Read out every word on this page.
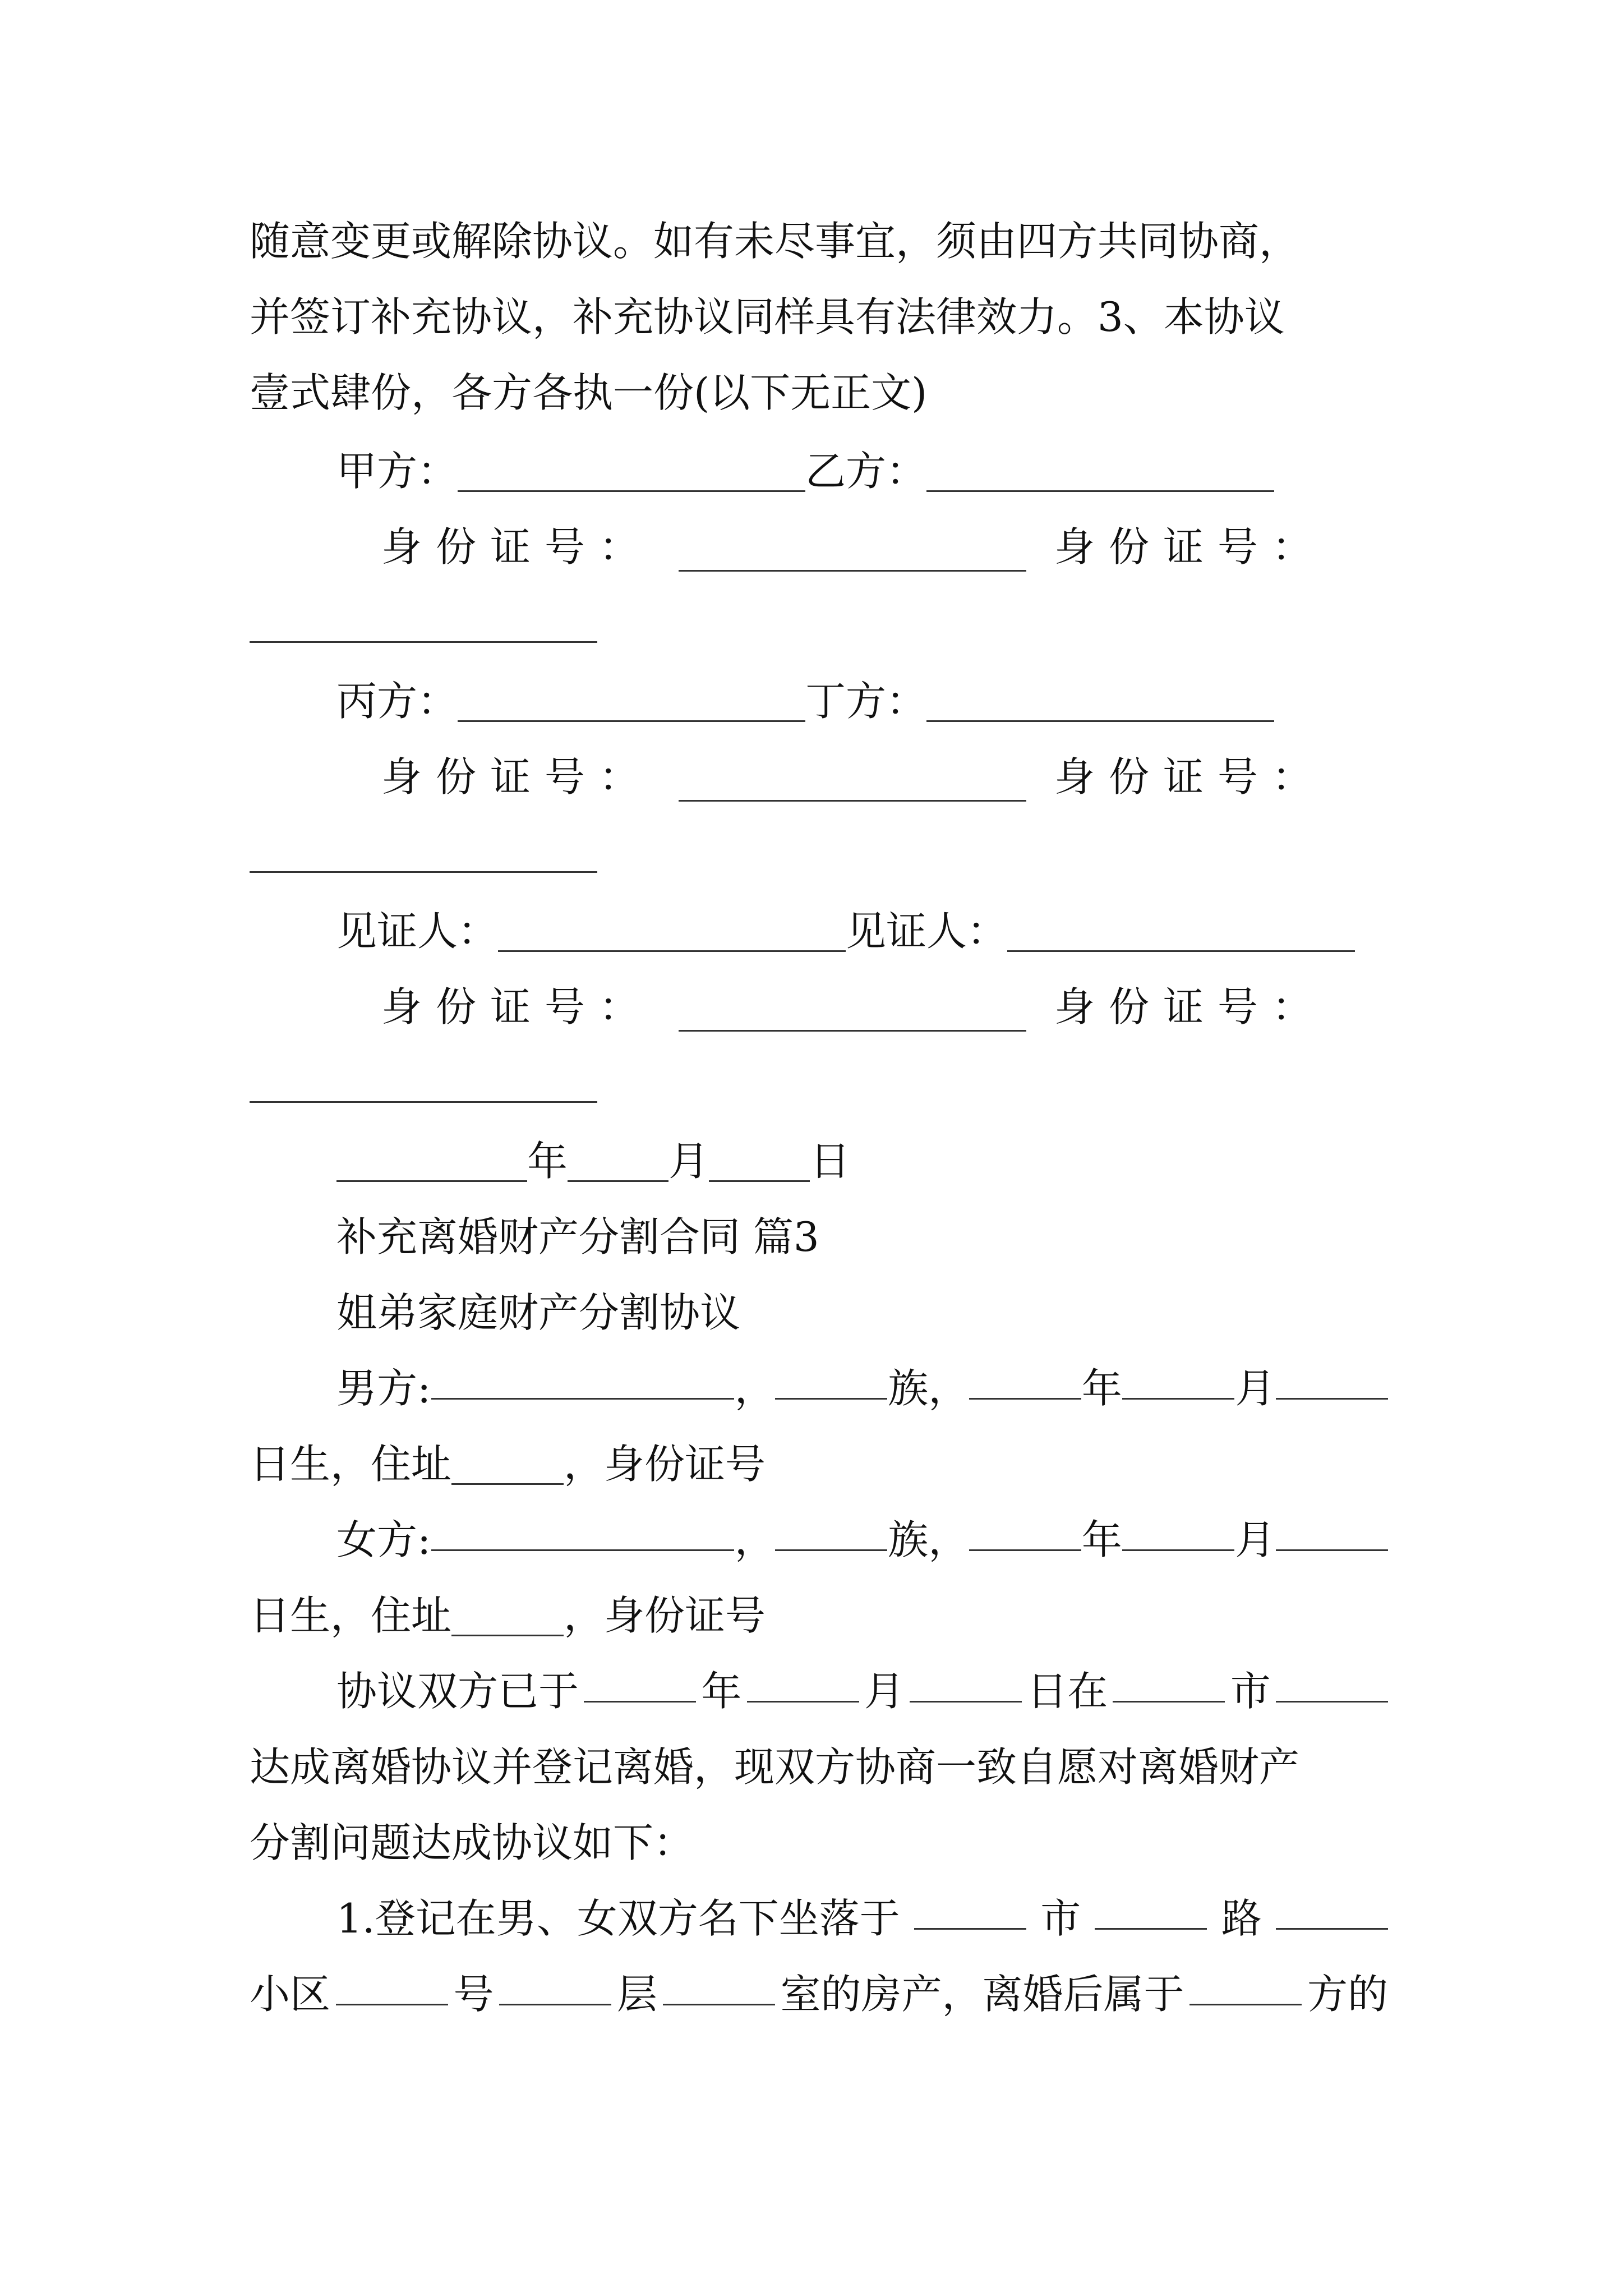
随意变更或解除协议。如有未尽事宜，须由四方共同协商，
并签订补充协议，补充协议同样具有法律效力。3、本协议
壹式肆份，各方各执一份(以下无正文)
甲方：	乙方：
身 份 证 号 ：	身 份 证 号 ：
丙方：	丁方：
身 份 证 号 ：	身 份 证 号 ：
见证人：	见证人：
身 份 证 号 ：	身 份 证 号 ：
年	月	日
补充离婚财产分割合同 篇3
姐弟家庭财产分割协议
男方:	，	族，	年	月
日生，住址	，身份证号
女方:	，	族，	年	月
日生，住址	，身份证号
协议双方已于	年	月	日在	市
达成离婚协议并登记离婚，现双方协商一致自愿对离婚财产
分割问题达成协议如下：
1.登记在男、女双方名下坐落于	市	路
小区	号	层	室的房产，离婚后属于	方的
